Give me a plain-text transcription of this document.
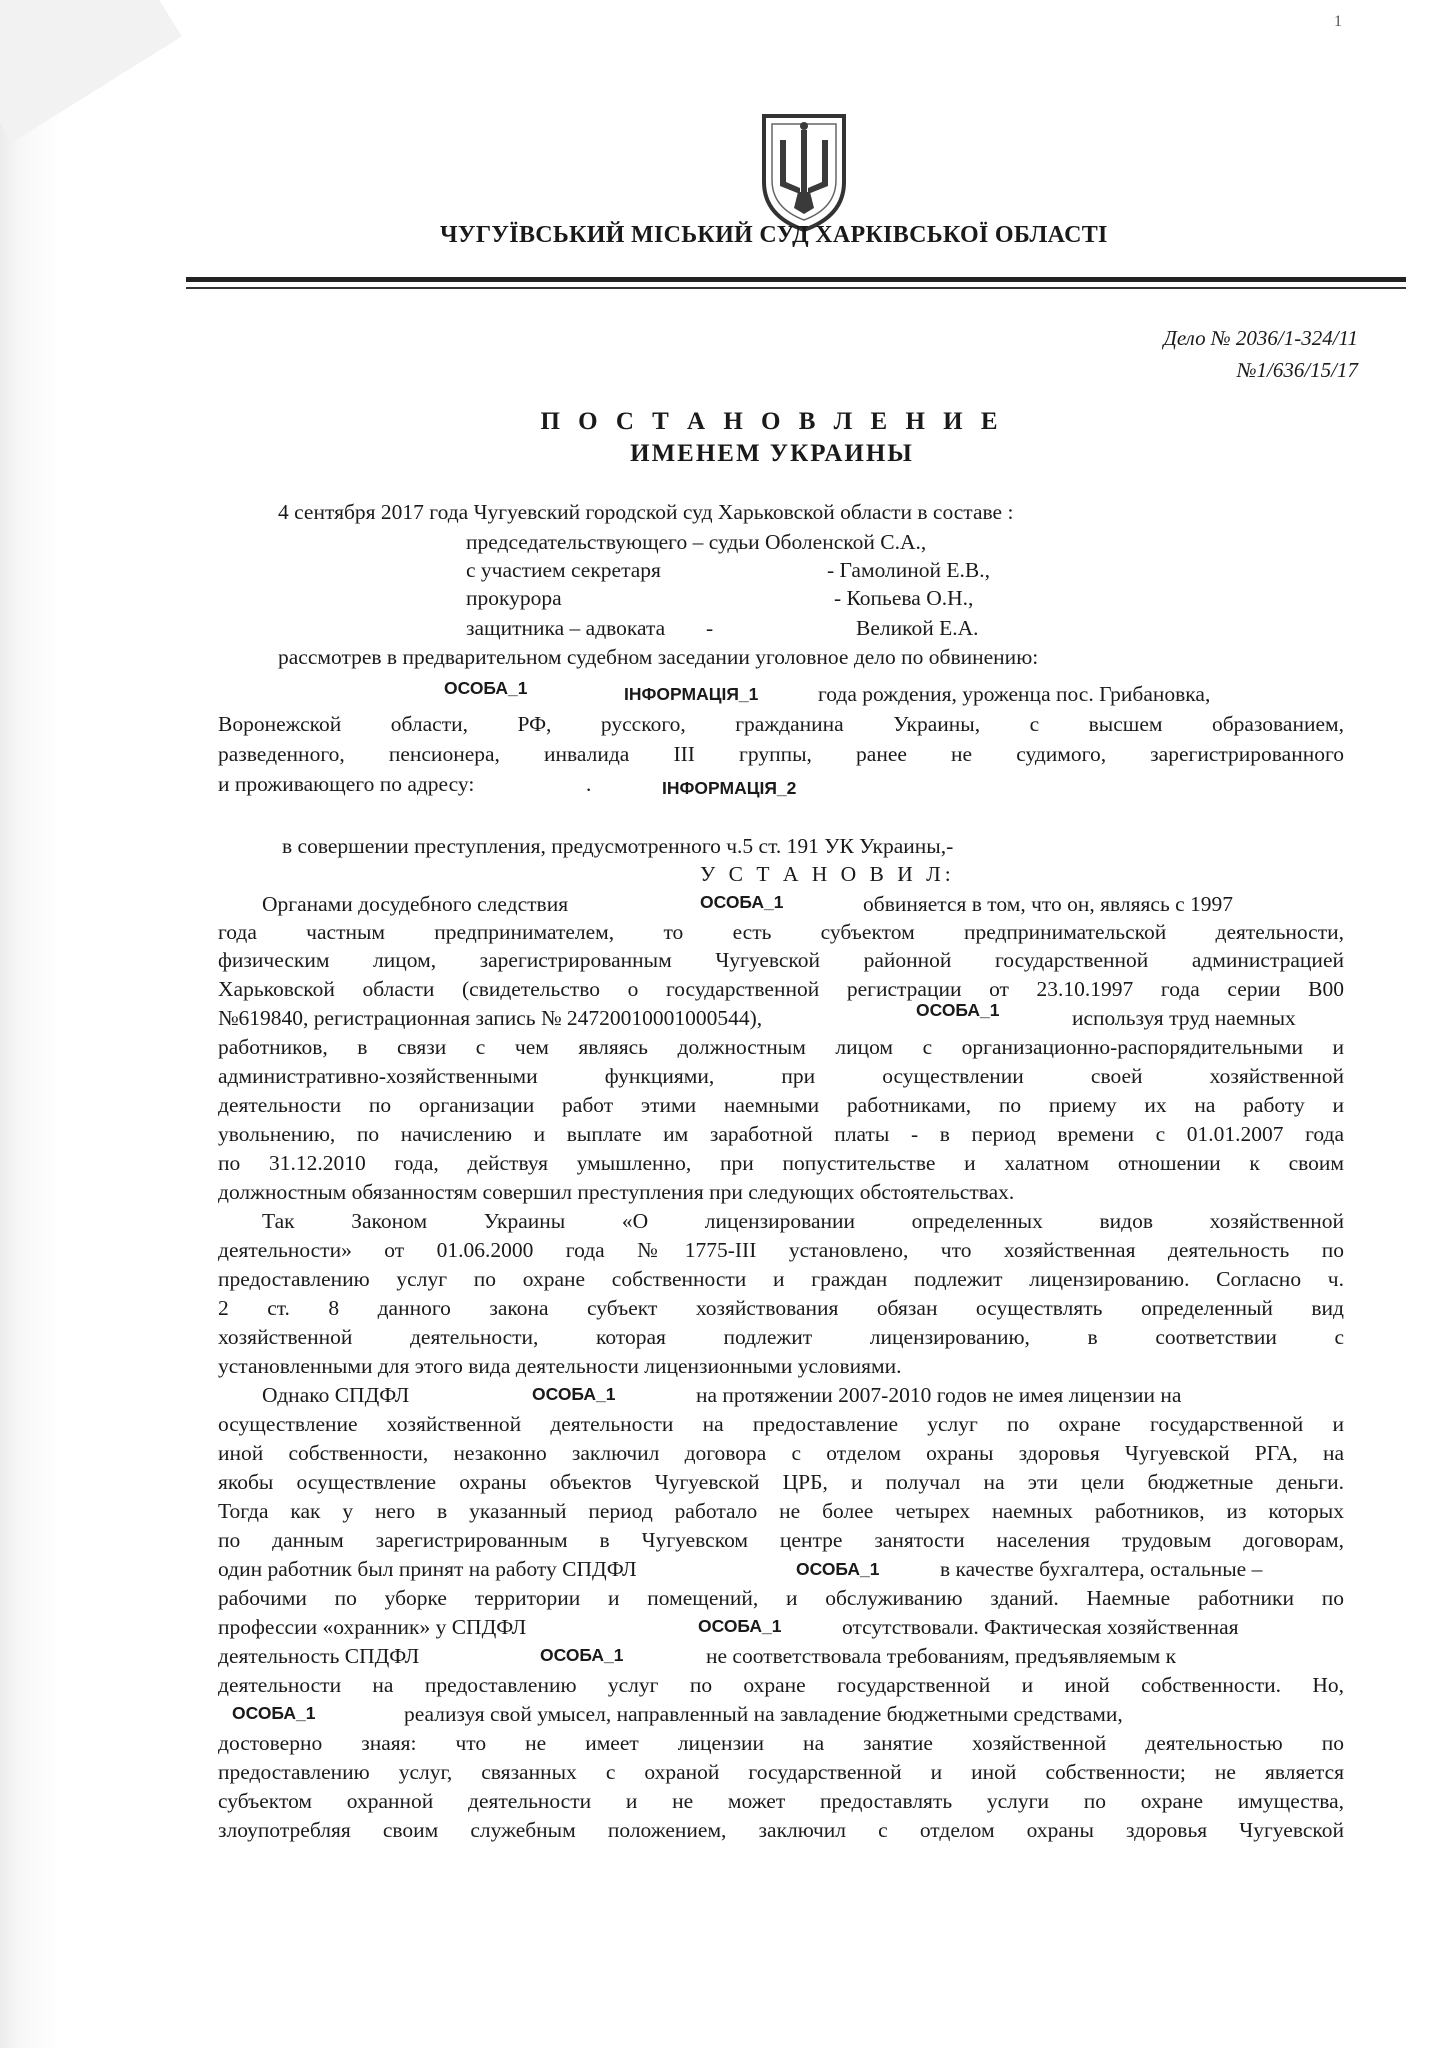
1
ЧУГУЇВСЬКИЙ МІСЬКИЙ СУД ХАРКІВСЬКОЇ ОБЛАСТІ
Дело № 2036/1-324/11
№1/636/15/17
П О С Т А Н О В Л Е Н И Е
ИМЕНЕМ УКРАИНЫ
4 сентября 2017 года Чугуевский городской суд Харьковской области в составе :
председательствующего – судьи Оболенской С.А.,
с участием секретаря	- Гамолиной Е.В.,
прокурора	- Копьева О.Н.,
защитника – адвоката -	Великой Е.А.
рассмотрев в предварительном судебном заседании уголовное дело по обвинению:
ОСОБА_1	ІНФОРМАЦІЯ_1	года рождения, уроженца пос. Грибановка,
Воронежской области, РФ, русского, гражданина Украины, с высшем образованием,
разведенного, пенсионера, инвалида III группы, ранее не судимого, зарегистрированного
и проживающего по адресу:	.	ІНФОРМАЦІЯ_2
в совершении преступления, предусмотренного ч.5 ст. 191 УК Украины,-
У С Т А Н О В И Л:
Органами досудебного следствия	ОСОБА_1	обвиняется в том, что он, являясь с 1997
года частным предпринимателем, то есть субъектом предпринимательской деятельности,
физическим лицом, зарегистрированным Чугуевской районной государственной администрацией
Харьковской области (свидетельство о государственной регистрации от 23.10.1997 года серии В00
№619840, регистрационная запись № 24720010001000544),	ОСОБА_1	используя труд наемных
работников, в связи с чем являясь должностным лицом с организационно-распорядительными и
административно-хозяйственными функциями, при осуществлении своей хозяйственной
деятельности по организации работ этими наемными работниками, по приему их на работу и
увольнению, по начислению и выплате им заработной платы - в период времени с 01.01.2007 года
по 31.12.2010 года, действуя умышленно, при попустительстве и халатном отношении к своим
должностным обязанностям совершил преступления при следующих обстоятельствах.
Так Законом Украины «О лицензировании определенных видов хозяйственной
деятельности» от 01.06.2000 года №1775-III установлено, что хозяйственная деятельность по
предоставлению услуг по охране собственности и граждан подлежит лицензированию. Согласно ч.
2 ст. 8 данного закона субъект хозяйствования обязан осуществлять определенный вид
хозяйственной деятельности, которая подлежит лицензированию, в соответствии с
установленными для этого вида деятельности лицензионными условиями.
Однако СПДФЛ	ОСОБА_1	на протяжении 2007-2010 годов не имея лицензии на
осуществление хозяйственной деятельности на предоставление услуг по охране государственной и
иной собственности, незаконно заключил договора с отделом охраны здоровья Чугуевской РГА, на
якобы осуществление охраны объектов Чугуевской ЦРБ, и получал на эти цели бюджетные деньги.
Тогда как у него в указанный период работало не более четырех наемных работников, из которых
по данным зарегистрированным в Чугуевском центре занятости населения трудовым договорам,
один работник был принят на работу СПДФЛ	ОСОБА_1	в качестве бухгалтера, остальные –
рабочими по уборке территории и помещений, и обслуживанию зданий. Наемные работники по
профессии «охранник» у СПДФЛ	ОСОБА_1	отсутствовали. Фактическая хозяйственная
деятельность СПДФЛ	ОСОБА_1	не соответствовала требованиям, предъявляемым к
деятельности на предоставлению услуг по охране государственной и иной собственности. Но,
ОСОБА_1	реализуя свой умысел, направленный на завладение бюджетными средствами,
достоверно знаяя: что не имеет лицензии на занятие хозяйственной деятельностью по
предоставлению услуг, связанных с охраной государственной и иной собственности; не является
субъектом охранной деятельности и не может предоставлять услуги по охране имущества,
злоупотребляя своим служебным положением, заключил с отделом охраны здоровья Чугуевской
